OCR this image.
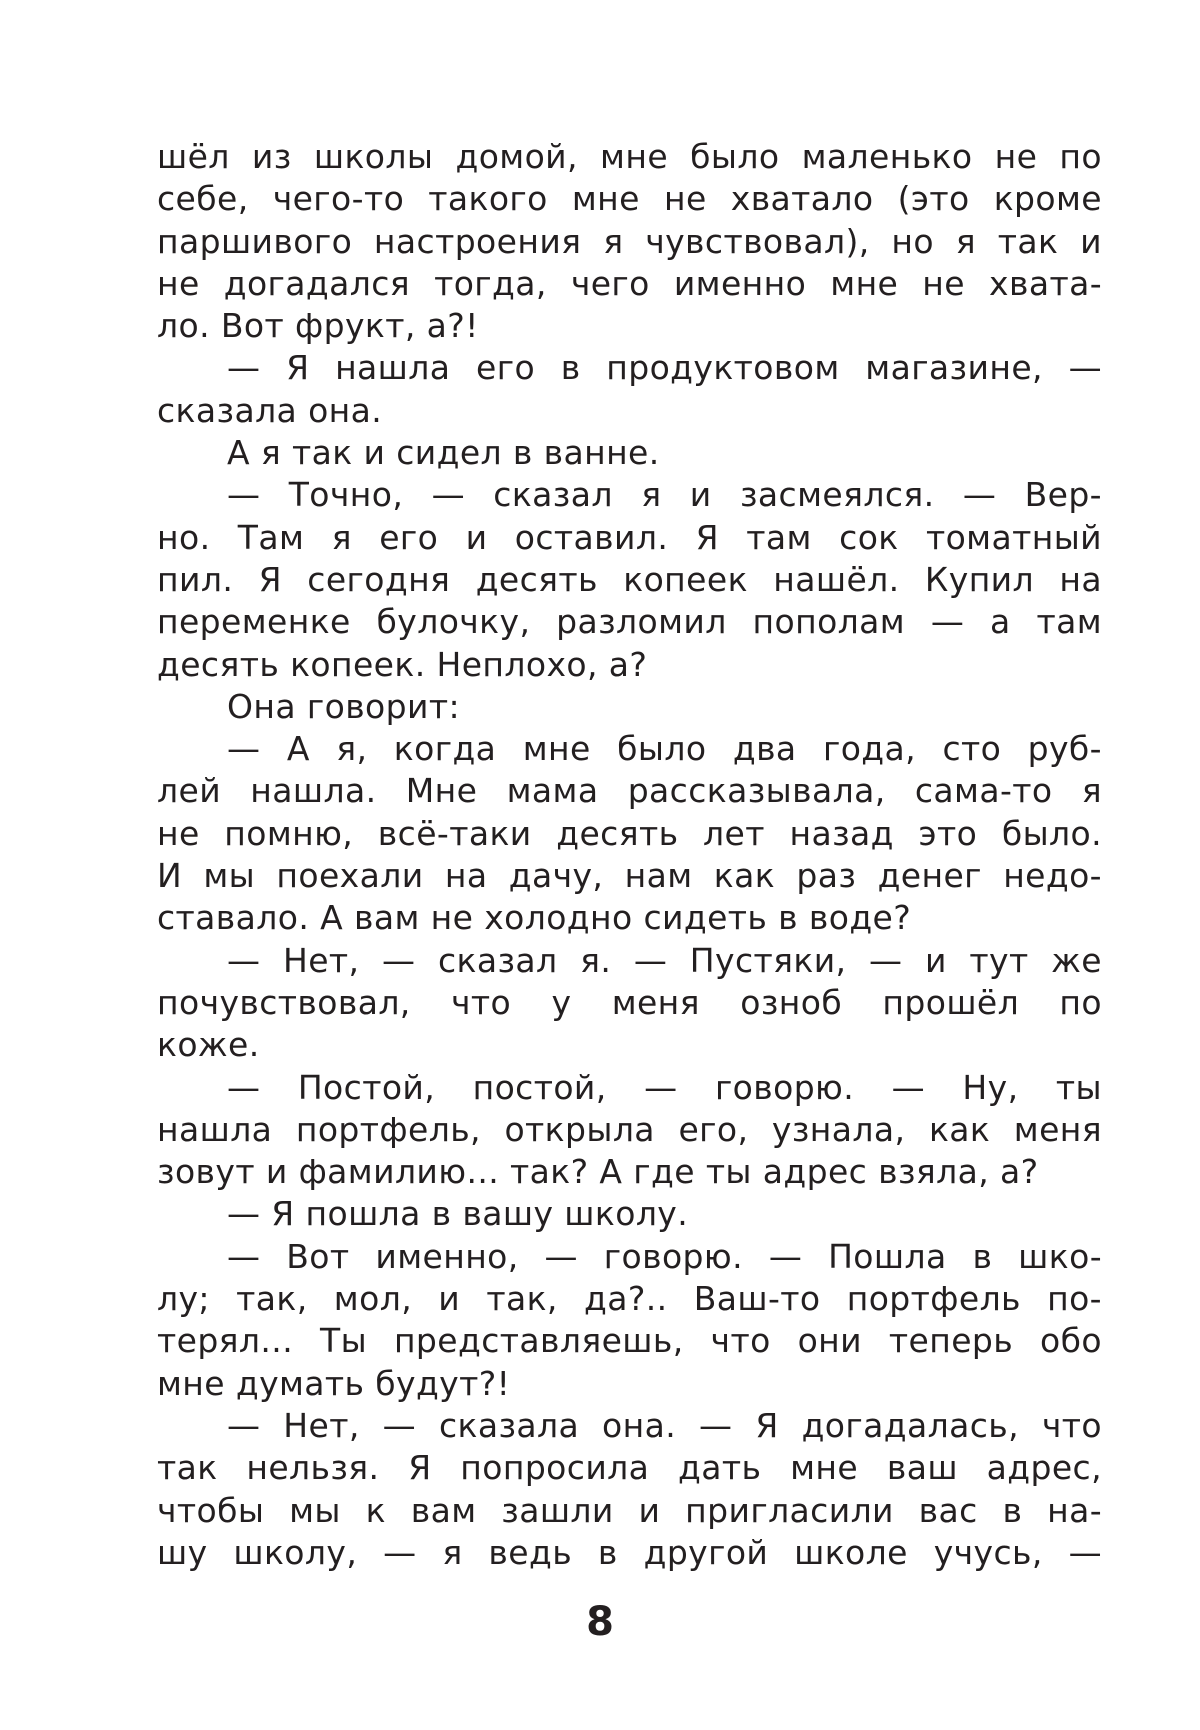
шёл из школы домой, мне было маленько не по
себе, чего-то такого мне не хватало (это кроме
паршивого настроения я чувствовал), но я так и
не догадался тогда, чего именно мне не хвата-
ло. Вот фрукт, а?!
— Я нашла его в продуктовом магазине, —
сказала она.
А я так и сидел в ванне.
— Точно, — сказал я и засмеялся. — Вер-
но. Там я его и оставил. Я там сок томатный
пил. Я сегодня десять копеек нашёл. Купил на
переменке булочку, разломил пополам — а там
десять копеек. Неплохо, а?
Она говорит:
— А я, когда мне было два года, сто руб-
лей нашла. Мне мама рассказывала, сама-то я
не помню, всё-таки десять лет назад это было.
И мы поехали на дачу, нам как раз денег недо-
ставало. А вам не холодно сидеть в воде?
— Нет, — сказал я. — Пустяки, — и тут же
почувствовал, что у меня озноб прошёл по
коже.
— Постой, постой, — говорю. — Ну, ты
нашла портфель, открыла его, узнала, как меня
зовут и фамилию... так? А где ты адрес взяла, а?
— Я пошла в вашу школу.
— Вот именно, — говорю. — Пошла в шко-
лу; так, мол, и так, да?.. Ваш-то портфель по-
терял... Ты представляешь, что они теперь обо
мне думать будут?!
— Нет, — сказала она. — Я догадалась, что
так нельзя. Я попросила дать мне ваш адрес,
чтобы мы к вам зашли и пригласили вас в на-
шу школу, — я ведь в другой школе учусь, —
8
